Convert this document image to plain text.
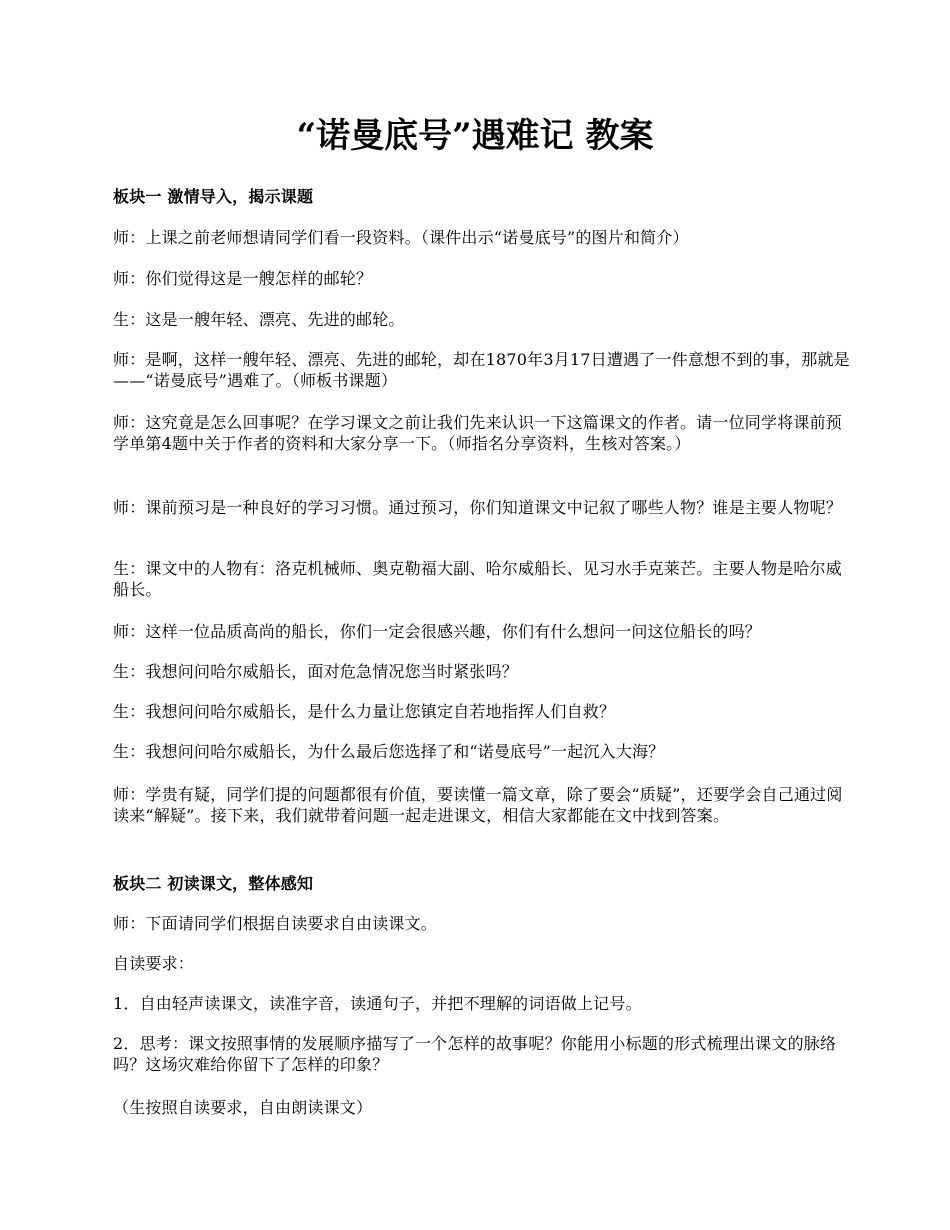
“诺曼底号”遇难记 教案

板块一 激情导入，揭示课题

师：上课之前老师想请同学们看一段资料。（课件出示“诺曼底号”的图片和简介）

师：你们觉得这是一艘怎样的邮轮？

生：这是一艘年轻、漂亮、先进的邮轮。

师：是啊，这样一艘年轻、漂亮、先进的邮轮，却在1870年3月17日遭遇了一件意想不到的事，那就是——“诺曼底号”遇难了。（师板书课题）

师：这究竟是怎么回事呢？在学习课文之前让我们先来认识一下这篇课文的作者。请一位同学将课前预学单第4题中关于作者的资料和大家分享一下。（师指名分享资料，生核对答案。）

师：课前预习是一种良好的学习习惯。通过预习，你们知道课文中记叙了哪些人物？谁是主要人物呢？

生：课文中的人物有：洛克机械师、奥克勒福大副、哈尔威船长、见习水手克莱芒。主要人物是哈尔威船长。

师：这样一位品质高尚的船长，你们一定会很感兴趣，你们有什么想问一问这位船长的吗？

生：我想问问哈尔威船长，面对危急情况您当时紧张吗？

生：我想问问哈尔威船长，是什么力量让您镇定自若地指挥人们自救？

生：我想问问哈尔威船长，为什么最后您选择了和“诺曼底号”一起沉入大海？

师：学贵有疑，同学们提的问题都很有价值，要读懂一篇文章，除了要会“质疑”，还要学会自己通过阅读来“解疑”。接下来，我们就带着问题一起走进课文，相信大家都能在文中找到答案。

板块二 初读课文，整体感知

师：下面请同学们根据自读要求自由读课文。

自读要求：

1．自由轻声读课文，读准字音，读通句子，并把不理解的词语做上记号。

2．思考：课文按照事情的发展顺序描写了一个怎样的故事呢？你能用小标题的形式梳理出课文的脉络吗？这场灾难给你留下了怎样的印象？

（生按照自读要求，自由朗读课文）
